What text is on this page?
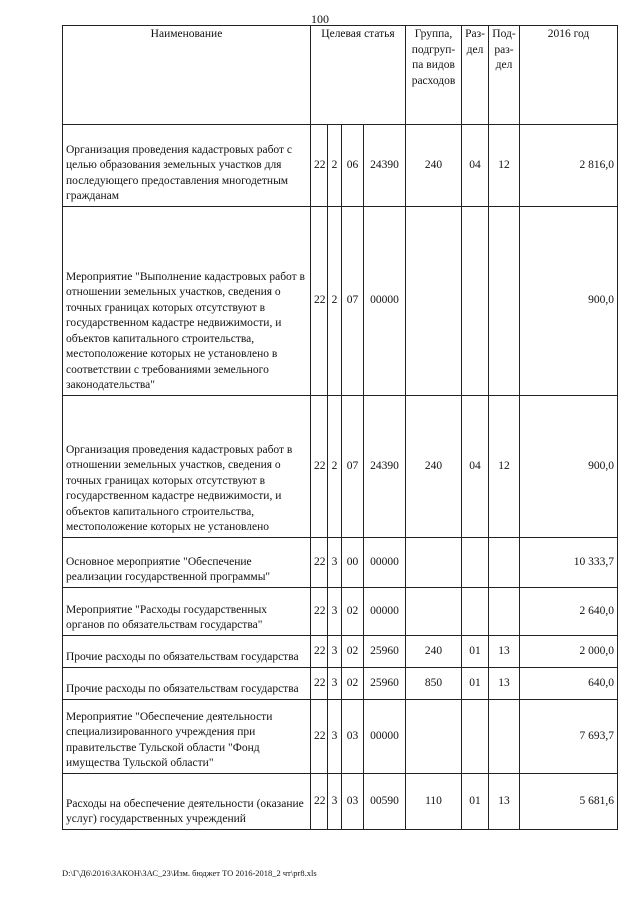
100
Наименование	Целевая статья				Группа, подгруп-па видов расходов	Раз-дел	Под-раз-дел	2016 год
Организация проведения кадастровых работ с целью образования земельных участков для последующего предоставления многодетным гражданам	22	2	06	24390	240	04	12	2 816,0
Мероприятие "Выполнение кадастровых работ в отношении земельных участков, сведения о точных границах которых отсутствуют в государственном кадастре недвижимости, и объектов капитального строительства, местоположение которых не установлено в соответствии с требованиями земельного законодательства"	22	2	07	00000				900,0
Организация проведения кадастровых работ в отношении земельных участков, сведения о точных границах которых отсутствуют в государственном кадастре недвижимости, и объектов капитального строительства, местоположение которых не установлено	22	2	07	24390	240	04	12	900,0
Основное мероприятие "Обеспечение реализации государственной программы"	22	3	00	00000				10 333,7
Мероприятие "Расходы государственных органов по обязательствам государства"	22	3	02	00000				2 640,0
Прочие расходы по обязательствам государства	22	3	02	25960	240	01	13	2 000,0
Прочие расходы по обязательствам государства	22	3	02	25960	850	01	13	640,0
Мероприятие "Обеспечение деятельности специализированного учреждения при правительстве Тульской области "Фонд имущества Тульской области"	22	3	03	00000				7 693,7
Расходы на обеспечение деятельности (оказание услуг) государственных учреждений	22	3	03	00590	110	01	13	5 681,6
D:\Г\Д6\2016\ЗАКОН\ЗАС_23\Изм. бюджет ТО 2016-2018_2 чт\pr8.xls
